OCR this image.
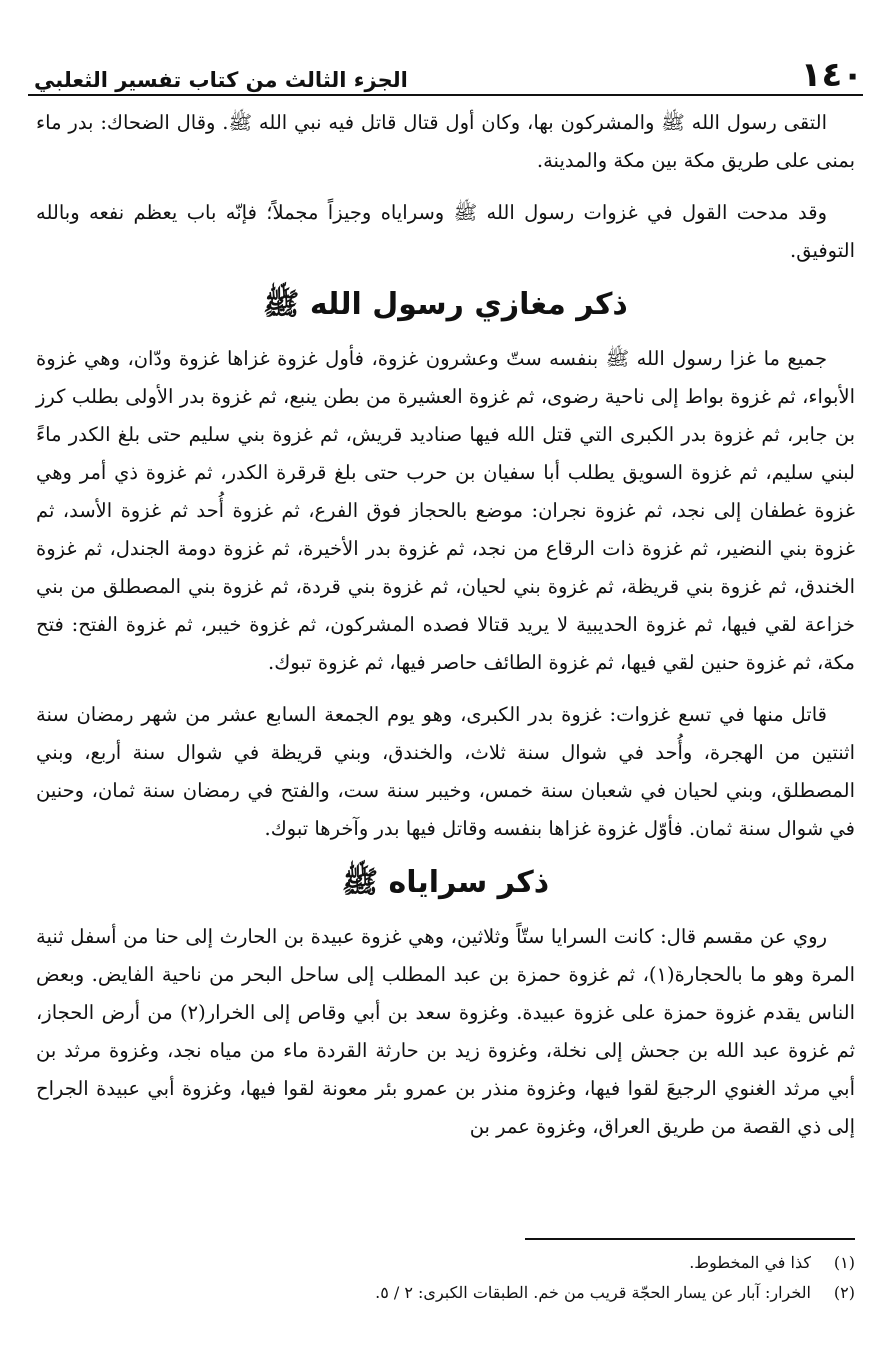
١٤٠
الجزء الثالث من كتاب تفسير الثعلبي

التقى رسول الله ﷺ والمشركون بها، وكان أول قتال قاتل فيه نبي الله ﷺ. وقال الضحاك: بدر ماء بمنى على طريق مكة بين مكة والمدينة.

وقد مدحت القول في غزوات رسول الله ﷺ وسراياه وجيزاً مجملاً؛ فإنّه باب يعظم نفعه وبالله التوفيق.

ذكر مغازي رسول الله ﷺ

جميع ما غزا رسول الله ﷺ بنفسه ستّ وعشرون غزوة، فأول غزوة غزاها غزوة ودّان، وهي غزوة الأبواء، ثم غزوة بواط إلى ناحية رضوى، ثم غزوة العشيرة من بطن ينبع، ثم غزوة بدر الأولى بطلب كرز بن جابر، ثم غزوة بدر الكبرى التي قتل الله فيها صناديد قريش، ثم غزوة بني سليم حتى بلغ الكدر ماءً لبني سليم، ثم غزوة السويق يطلب أبا سفيان بن حرب حتى بلغ قرقرة الكدر، ثم غزوة ذي أمر وهي غزوة غطفان إلى نجد، ثم غزوة نجران: موضع بالحجاز فوق الفرع، ثم غزوة أُحد ثم غزوة الأسد، ثم غزوة بني النضير، ثم غزوة ذات الرقاع من نجد، ثم غزوة بدر الأخيرة، ثم غزوة دومة الجندل، ثم غزوة الخندق، ثم غزوة بني قريظة، ثم غزوة بني لحيان، ثم غزوة بني قردة، ثم غزوة بني المصطلق من بني خزاعة لقي فيها، ثم غزوة الحديبية لا يريد قتالا فصده المشركون، ثم غزوة خيبر، ثم غزوة الفتح: فتح مكة، ثم غزوة حنين لقي فيها، ثم غزوة الطائف حاصر فيها، ثم غزوة تبوك.

قاتل منها في تسع غزوات: غزوة بدر الكبرى، وهو يوم الجمعة السابع عشر من شهر رمضان سنة اثنتين من الهجرة، وأُحد في شوال سنة ثلاث، والخندق، وبني قريظة في شوال سنة أربع، وبني المصطلق، وبني لحيان في شعبان سنة خمس، وخيبر سنة ست، والفتح في رمضان سنة ثمان، وحنين في شوال سنة ثمان. فأوّل غزوة غزاها بنفسه وقاتل فيها بدر وآخرها تبوك.

ذكر سراياه ﷺ

روي عن مقسم قال: كانت السرايا ستّاً وثلاثين، وهي غزوة عبيدة بن الحارث إلى حنا من أسفل ثنية المرة وهو ما بالحجارة(١)، ثم غزوة حمزة بن عبد المطلب إلى ساحل البحر من ناحية الفايض. وبعض الناس يقدم غزوة حمزة على غزوة عبيدة. وغزوة سعد بن أبي وقاص إلى الخرار(٢) من أرض الحجاز، ثم غزوة عبد الله بن جحش إلى نخلة، وغزوة زيد بن حارثة القردة ماء من مياه نجد، وغزوة مرثد بن أبي مرثد الغنوي الرجيعَ لقوا فيها، وغزوة منذر بن عمرو بئر معونة لقوا فيها، وغزوة أبي عبيدة الجراح إلى ذي القصة من طريق العراق، وغزوة عمر بن

(١)
كذا في المخطوط.
(٢)
الخرار: آبار عن يسار الحجّة قريب من خم. الطبقات الكبرى: ٢ / ٥.
